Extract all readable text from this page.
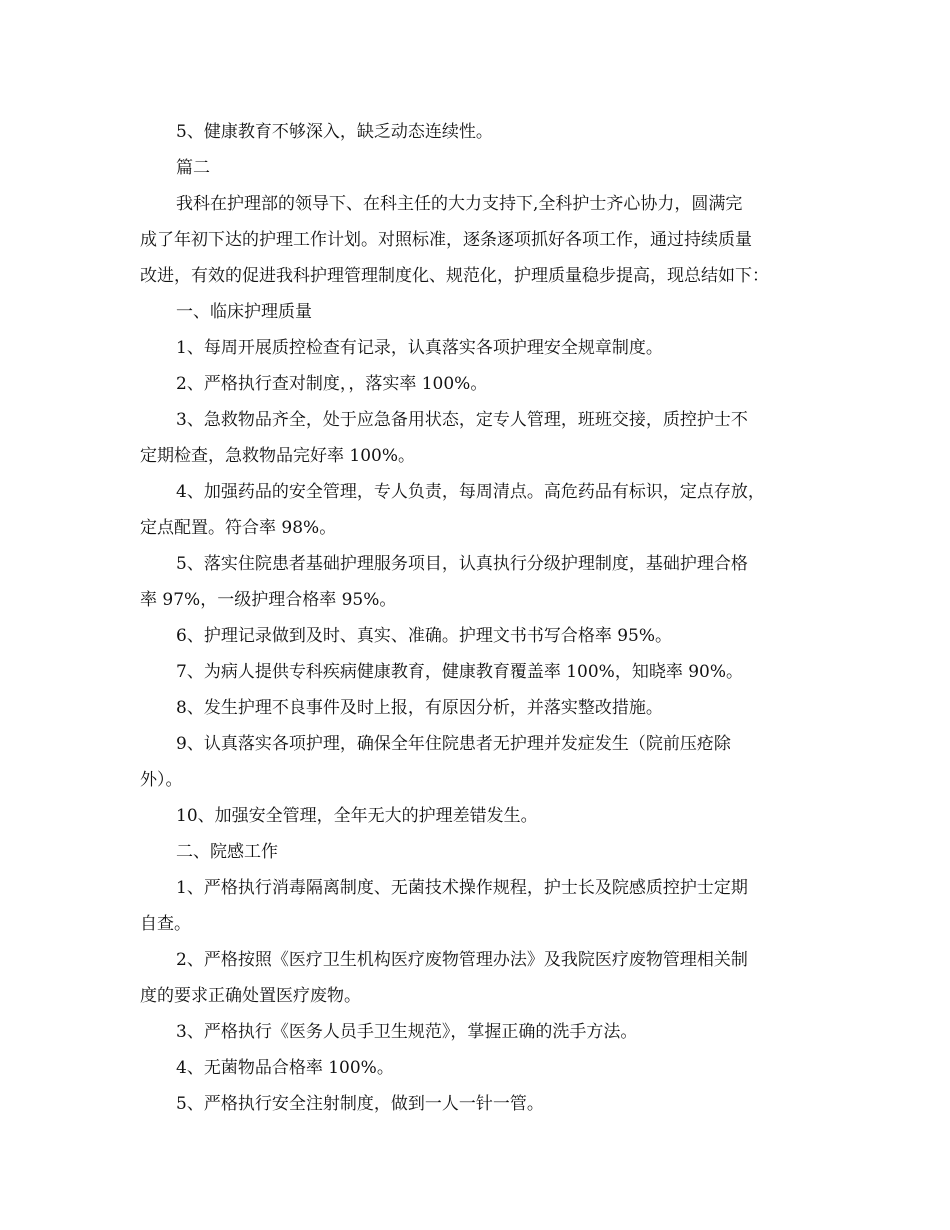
5、健康教育不够深入，缺乏动态连续性。
篇二
我科在护理部的领导下、在科主任的大力支持下,全科护士齐心协力，圆满完
成了年初下达的护理工作计划。对照标准，逐条逐项抓好各项工作，通过持续质量
改进，有效的促进我科护理管理制度化、规范化，护理质量稳步提高，现总结如下：
一、临床护理质量
1、每周开展质控检查有记录，认真落实各项护理安全规章制度。
2、严格执行查对制度，，落实率 100%。
3、急救物品齐全，处于应急备用状态，定专人管理，班班交接，质控护士不
定期检查，急救物品完好率 100%。
4、加强药品的安全管理，专人负责，每周清点。高危药品有标识，定点存放，
定点配置。符合率 98%。
5、落实住院患者基础护理服务项目，认真执行分级护理制度，基础护理合格
率 97%，一级护理合格率 95%。
6、护理记录做到及时、真实、准确。护理文书书写合格率 95%。
7、为病人提供专科疾病健康教育，健康教育覆盖率 100%，知晓率 90%。
8、发生护理不良事件及时上报，有原因分析，并落实整改措施。
9、认真落实各项护理，确保全年住院患者无护理并发症发生（院前压疮除
外）。
10、加强安全管理，全年无大的护理差错发生。
二、院感工作
1、严格执行消毒隔离制度、无菌技术操作规程，护士长及院感质控护士定期
自查。
2、严格按照《医疗卫生机构医疗废物管理办法》及我院医疗废物管理相关制
度的要求正确处置医疗废物。
3、严格执行《医务人员手卫生规范》，掌握正确的洗手方法。
4、无菌物品合格率 100%。
5、严格执行安全注射制度，做到一人一针一管。
